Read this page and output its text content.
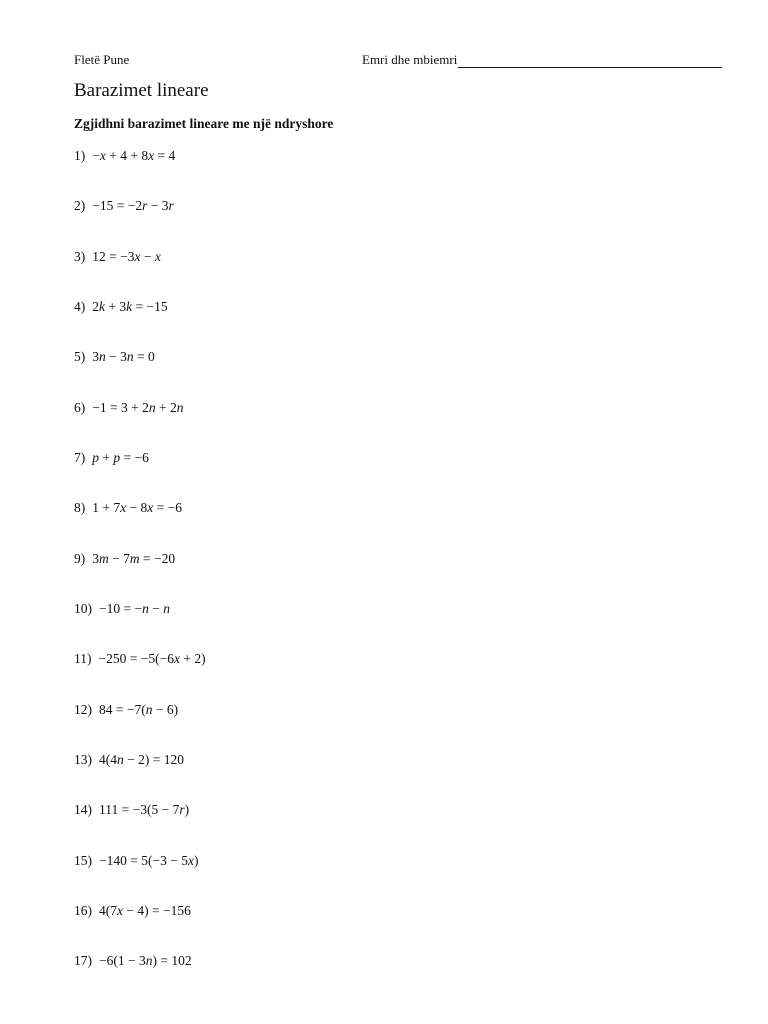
Fletë Pune	Emri dhe mbiemri
Barazimet lineare

Zgjidhni barazimet lineare me një ndryshore

1) −x + 4 + 8x = 4
2) −15 = −2r − 3r
3) 12 = −3x − x
4) 2k + 3k = −15
5) 3n − 3n = 0
6) −1 = 3 + 2n + 2n
7) p + p = −6
8) 1 + 7x − 8x = −6
9) 3m − 7m = −20
10) −10 = −n − n
11) −250 = −5(−6x + 2)
12) 84 = −7(n − 6)
13) 4(4n − 2) = 120
14) 111 = −3(5 − 7r)
15) −140 = 5(−3 − 5x)
16) 4(7x − 4) = −156
17) −6(1 − 3n) = 102
